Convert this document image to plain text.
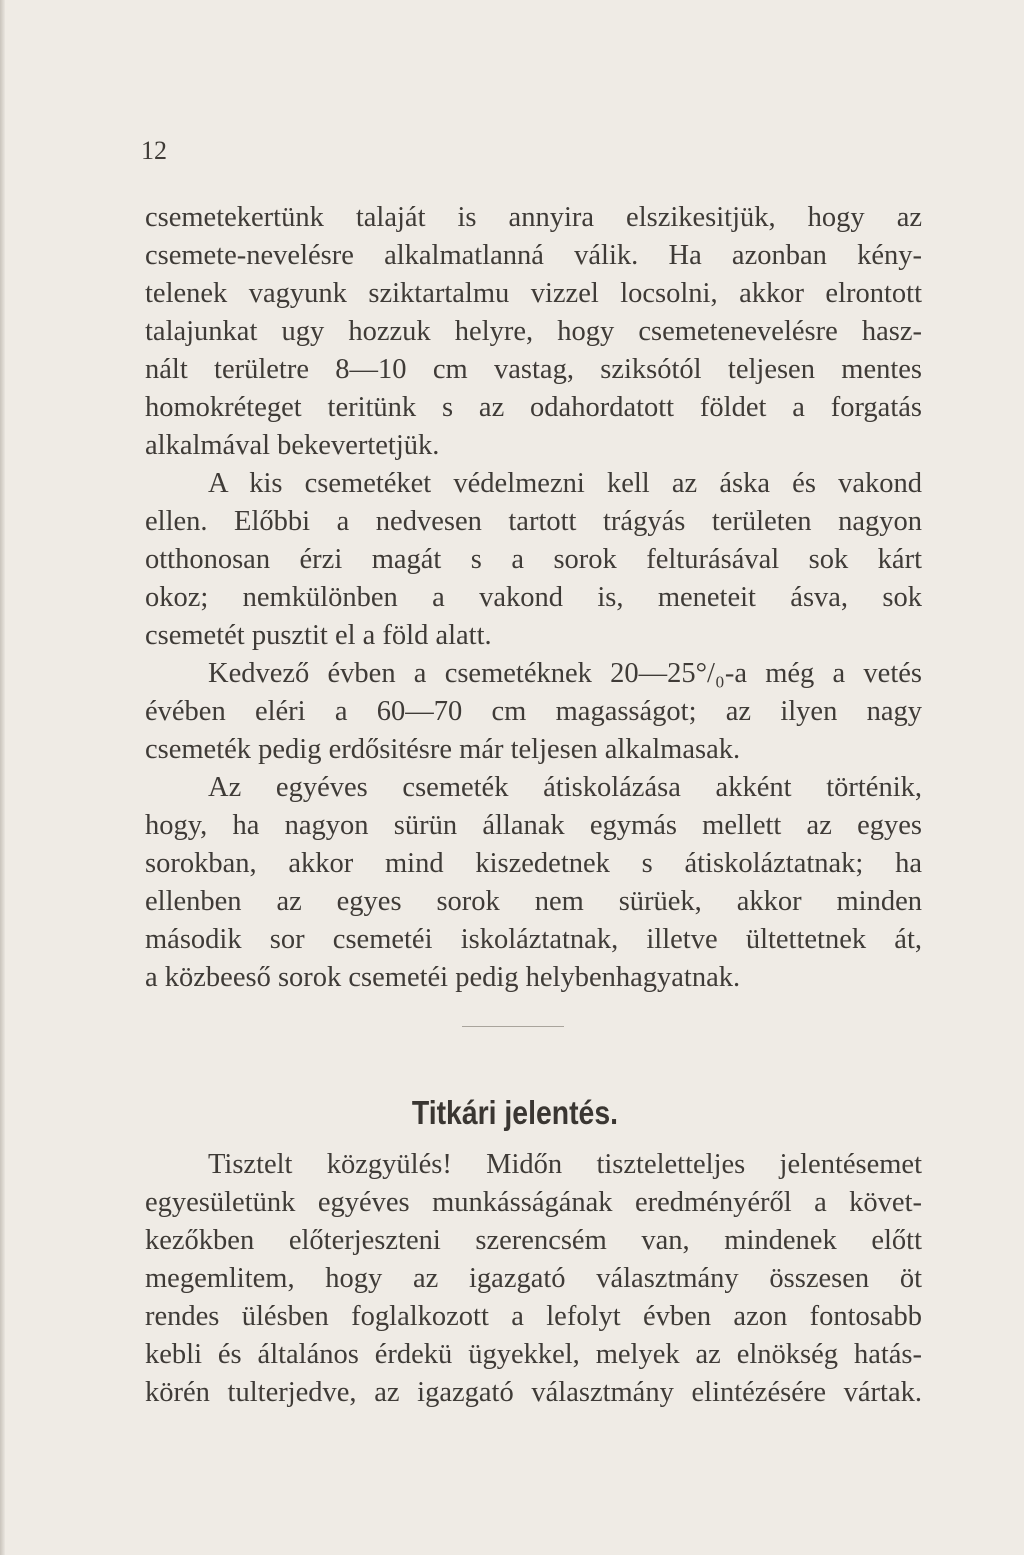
12
csemetekertünk talaját is annyira elszikesitjük, hogy az
csemete-nevelésre alkalmatlanná válik. Ha azonban kény-
telenek vagyunk sziktartalmu vizzel locsolni, akkor elrontott
talajunkat ugy hozzuk helyre, hogy csemetenevelésre hasz-
nált területre 8—10 cm vastag, sziksótól teljesen mentes
homokréteget teritünk s az odahordatott földet a forgatás
alkalmával bekevertetjük.
A kis csemetéket védelmezni kell az áska és vakond
ellen. Előbbi a nedvesen tartott trágyás területen nagyon
otthonosan érzi magát s a sorok felturásával sok kárt
okoz; nemkülönben a vakond is, meneteit ásva, sok
csemetét pusztit el a föld alatt.
Kedvező évben a csemetéknek 20—25°/₀-a még a vetés
évében eléri a 60—70 cm magasságot; az ilyen nagy
csemeték pedig erdősitésre már teljesen alkalmasak.
Az egyéves csemeték átiskolázása akként történik,
hogy, ha nagyon sürün állanak egymás mellett az egyes
sorokban, akkor mind kiszedetnek s átiskoláztatnak; ha
ellenben az egyes sorok nem sürüek, akkor minden
második sor csemetéi iskoláztatnak, illetve ültettetnek át,
a közbeeső sorok csemetéi pedig helybenhagyatnak.
Titkári jelentés.
Tisztelt közgyülés! Midőn tiszteletteljes jelentésemet
egyesületünk egyéves munkásságának eredményéről a követ-
kezőkben előterjeszteni szerencsém van, mindenek előtt
megemlitem, hogy az igazgató választmány összesen öt
rendes ülésben foglalkozott a lefolyt évben azon fontosabb
kebli és általános érdekü ügyekkel, melyek az elnökség hatás-
körén tulterjedve, az igazgató választmány elintézésére vártak.
